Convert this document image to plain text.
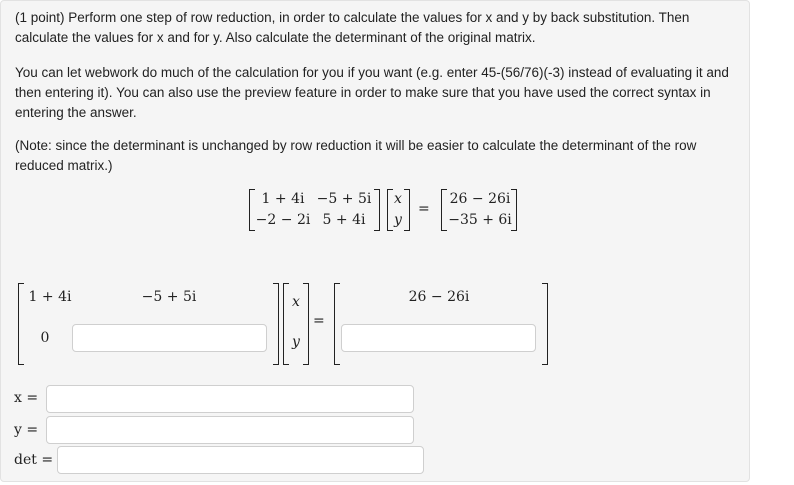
(1 point) Perform one step of row reduction, in order to calculate the values for x and y by back substitution. Then calculate the values for x and for y. Also calculate the determinant of the original matrix.

You can let webwork do much of the calculation for you if you want (e.g. enter 45-(56/76)(-3) instead of evaluating it and then entering it). You can also use the preview feature in order to make sure that you have used the correct syntax in entering the answer.

(Note: since the determinant is unchanged by row reduction it will be easier to calculate the determinant of the row reduced matrix.)

1 + 4i −5 + 5i
−2 − 2i 5 + 4i
x
y
=
26 − 26i
−35 + 6i
1 + 4i	−5 + 5i
0
x
y
=
26 − 26i
x =
y =
det =
